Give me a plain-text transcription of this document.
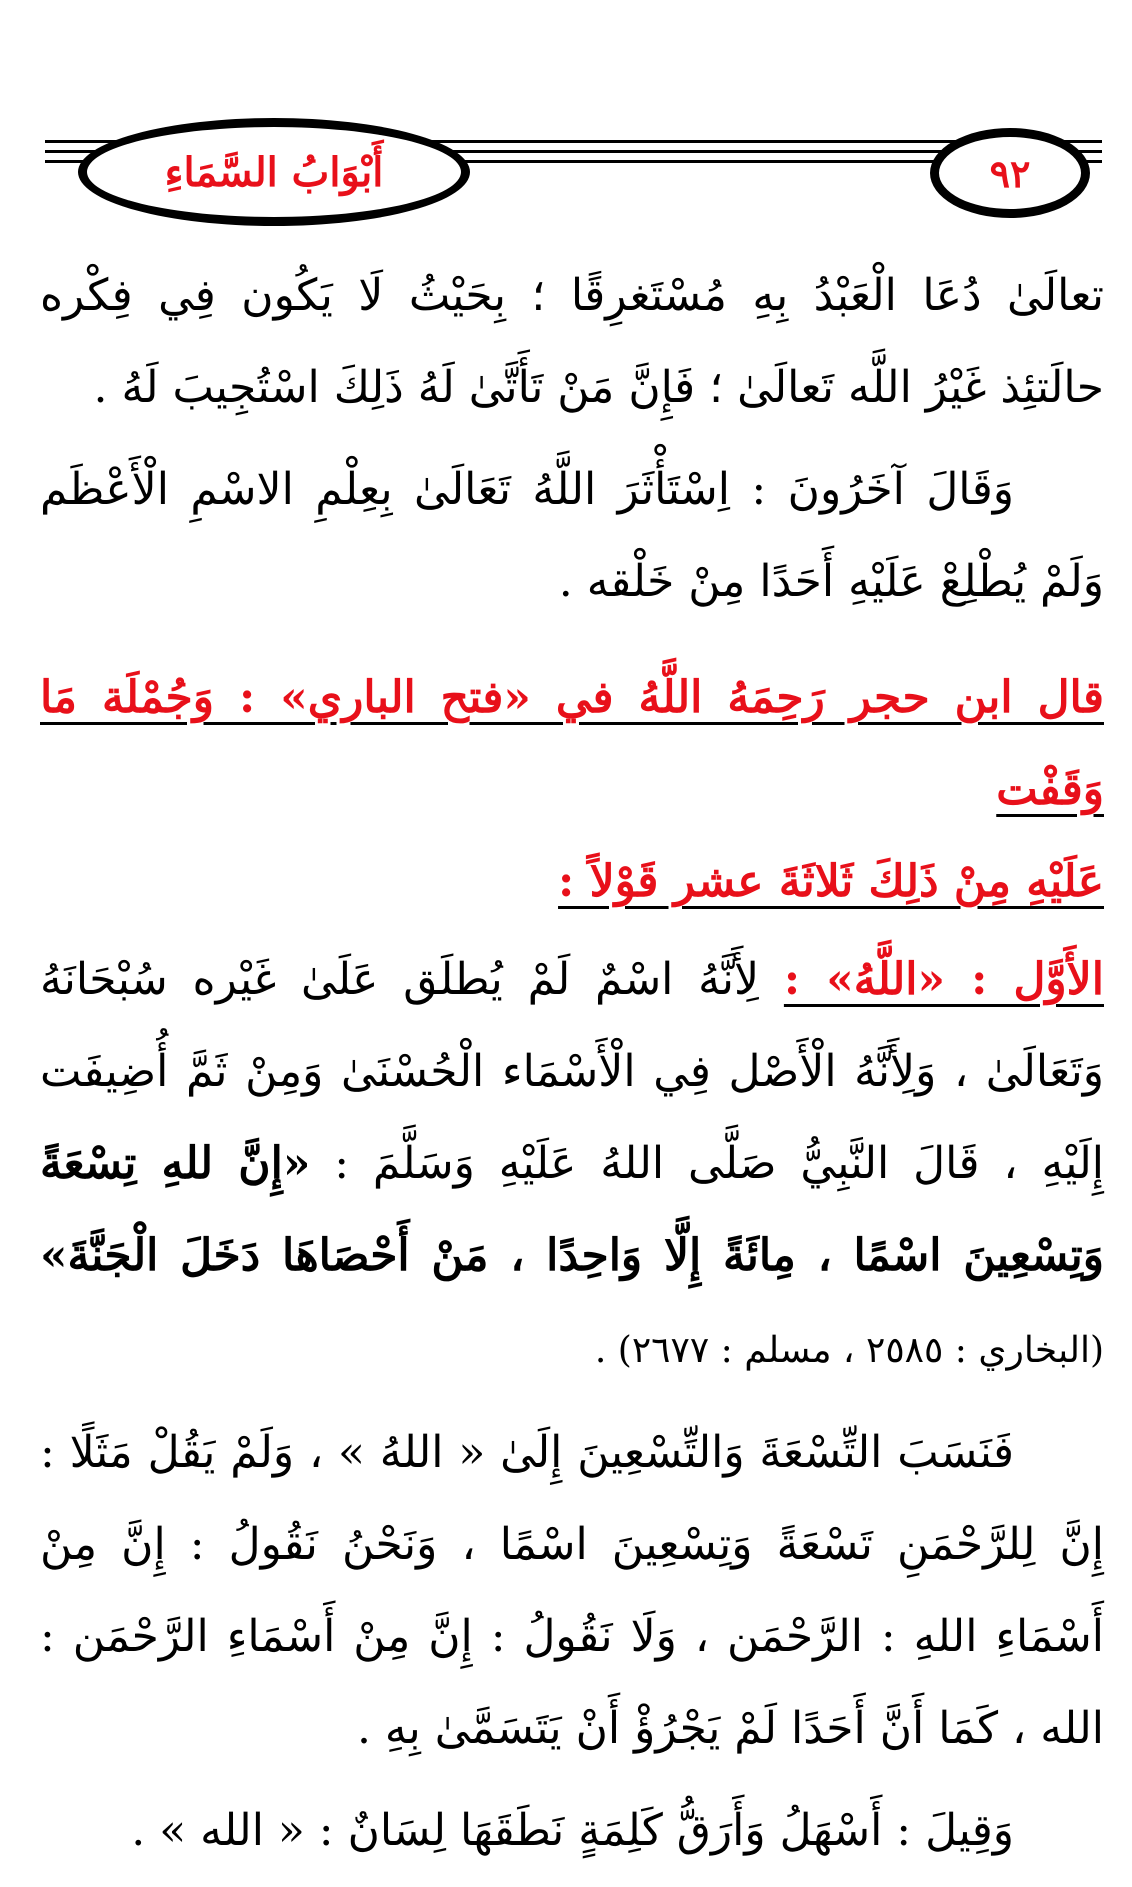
أَبْوَابُ السَّمَاءِ	٩٢

تعالَىٰ دُعَا الْعَبْدُ بِهِ مُسْتَغرِقًا ؛ بِحَيْثُ لَا يَكُون فِي فِكْره حالَتئِذ غَيْرُ اللَّه تَعالَىٰ ؛ فَإِنَّ مَنْ تَأَتَّىٰ لَهُ ذَلِكَ اسْتُجِيبَ لَهُ .

وَقَالَ آخَرُونَ : اِسْتَأْثَرَ اللَّهُ تَعَالَىٰ بِعِلْمِ الاسْمِ الْأَعْظَم وَلَمْ يُطْلِعْ عَلَيْهِ أَحَدًا مِنْ خَلْقه .

قال ابن حجر رَحِمَهُ اللَّهُ في «فتح الباري» : وَجُمْلَة مَا وَقَفْت
عَلَيْهِ مِنْ ذَلِكَ ثَلاثَةَ عشر قَوْلاً :

الأَوَّل : «اللَّهُ» : لِأَنَّهُ اسْمٌ لَمْ يُطلَق عَلَىٰ غَيْره سُبْحَانَهُ وَتَعَالَىٰ ، وَلِأَنَّهُ الْأَصْل فِي الْأَسْمَاء الْحُسْنَىٰ وَمِنْ ثَمَّ أُضِيفَت إِلَيْهِ ، قَالَ النَّبِيُّ صَلَّى اللهُ عَلَيْهِ وَسَلَّمَ : «إِنَّ للهِ تِسْعَةً وَتِسْعِينَ اسْمًا ، مِائَةً إِلَّا وَاحِدًا ، مَنْ أَحْصَاهَا دَخَلَ الْجَنَّةَ» (البخاري : ٢٥٨٥ ، مسلم : ٢٦٧٧) .

فَنَسَبَ التِّسْعَةَ وَالتِّسْعِينَ إِلَىٰ « اللهُ » ، وَلَمْ يَقُلْ مَثَلًا : إِنَّ لِلرَّحْمَنِ تَسْعَةً وَتِسْعِينَ اسْمًا ، وَنَحْنُ نَقُولُ : إِنَّ مِنْ أَسْمَاءِ اللهِ : الرَّحْمَن ، وَلَا نَقُولُ : إِنَّ مِنْ أَسْمَاءِ الرَّحْمَن : الله ، كَمَا أَنَّ أَحَدًا لَمْ يَجْرُؤْ أَنْ يَتَسَمَّىٰ بِهِ .

وَقِيلَ : أَسْهَلُ وَأَرَقُّ كَلِمَةٍ نَطَقَهَا لِسَانٌ : « الله » .
